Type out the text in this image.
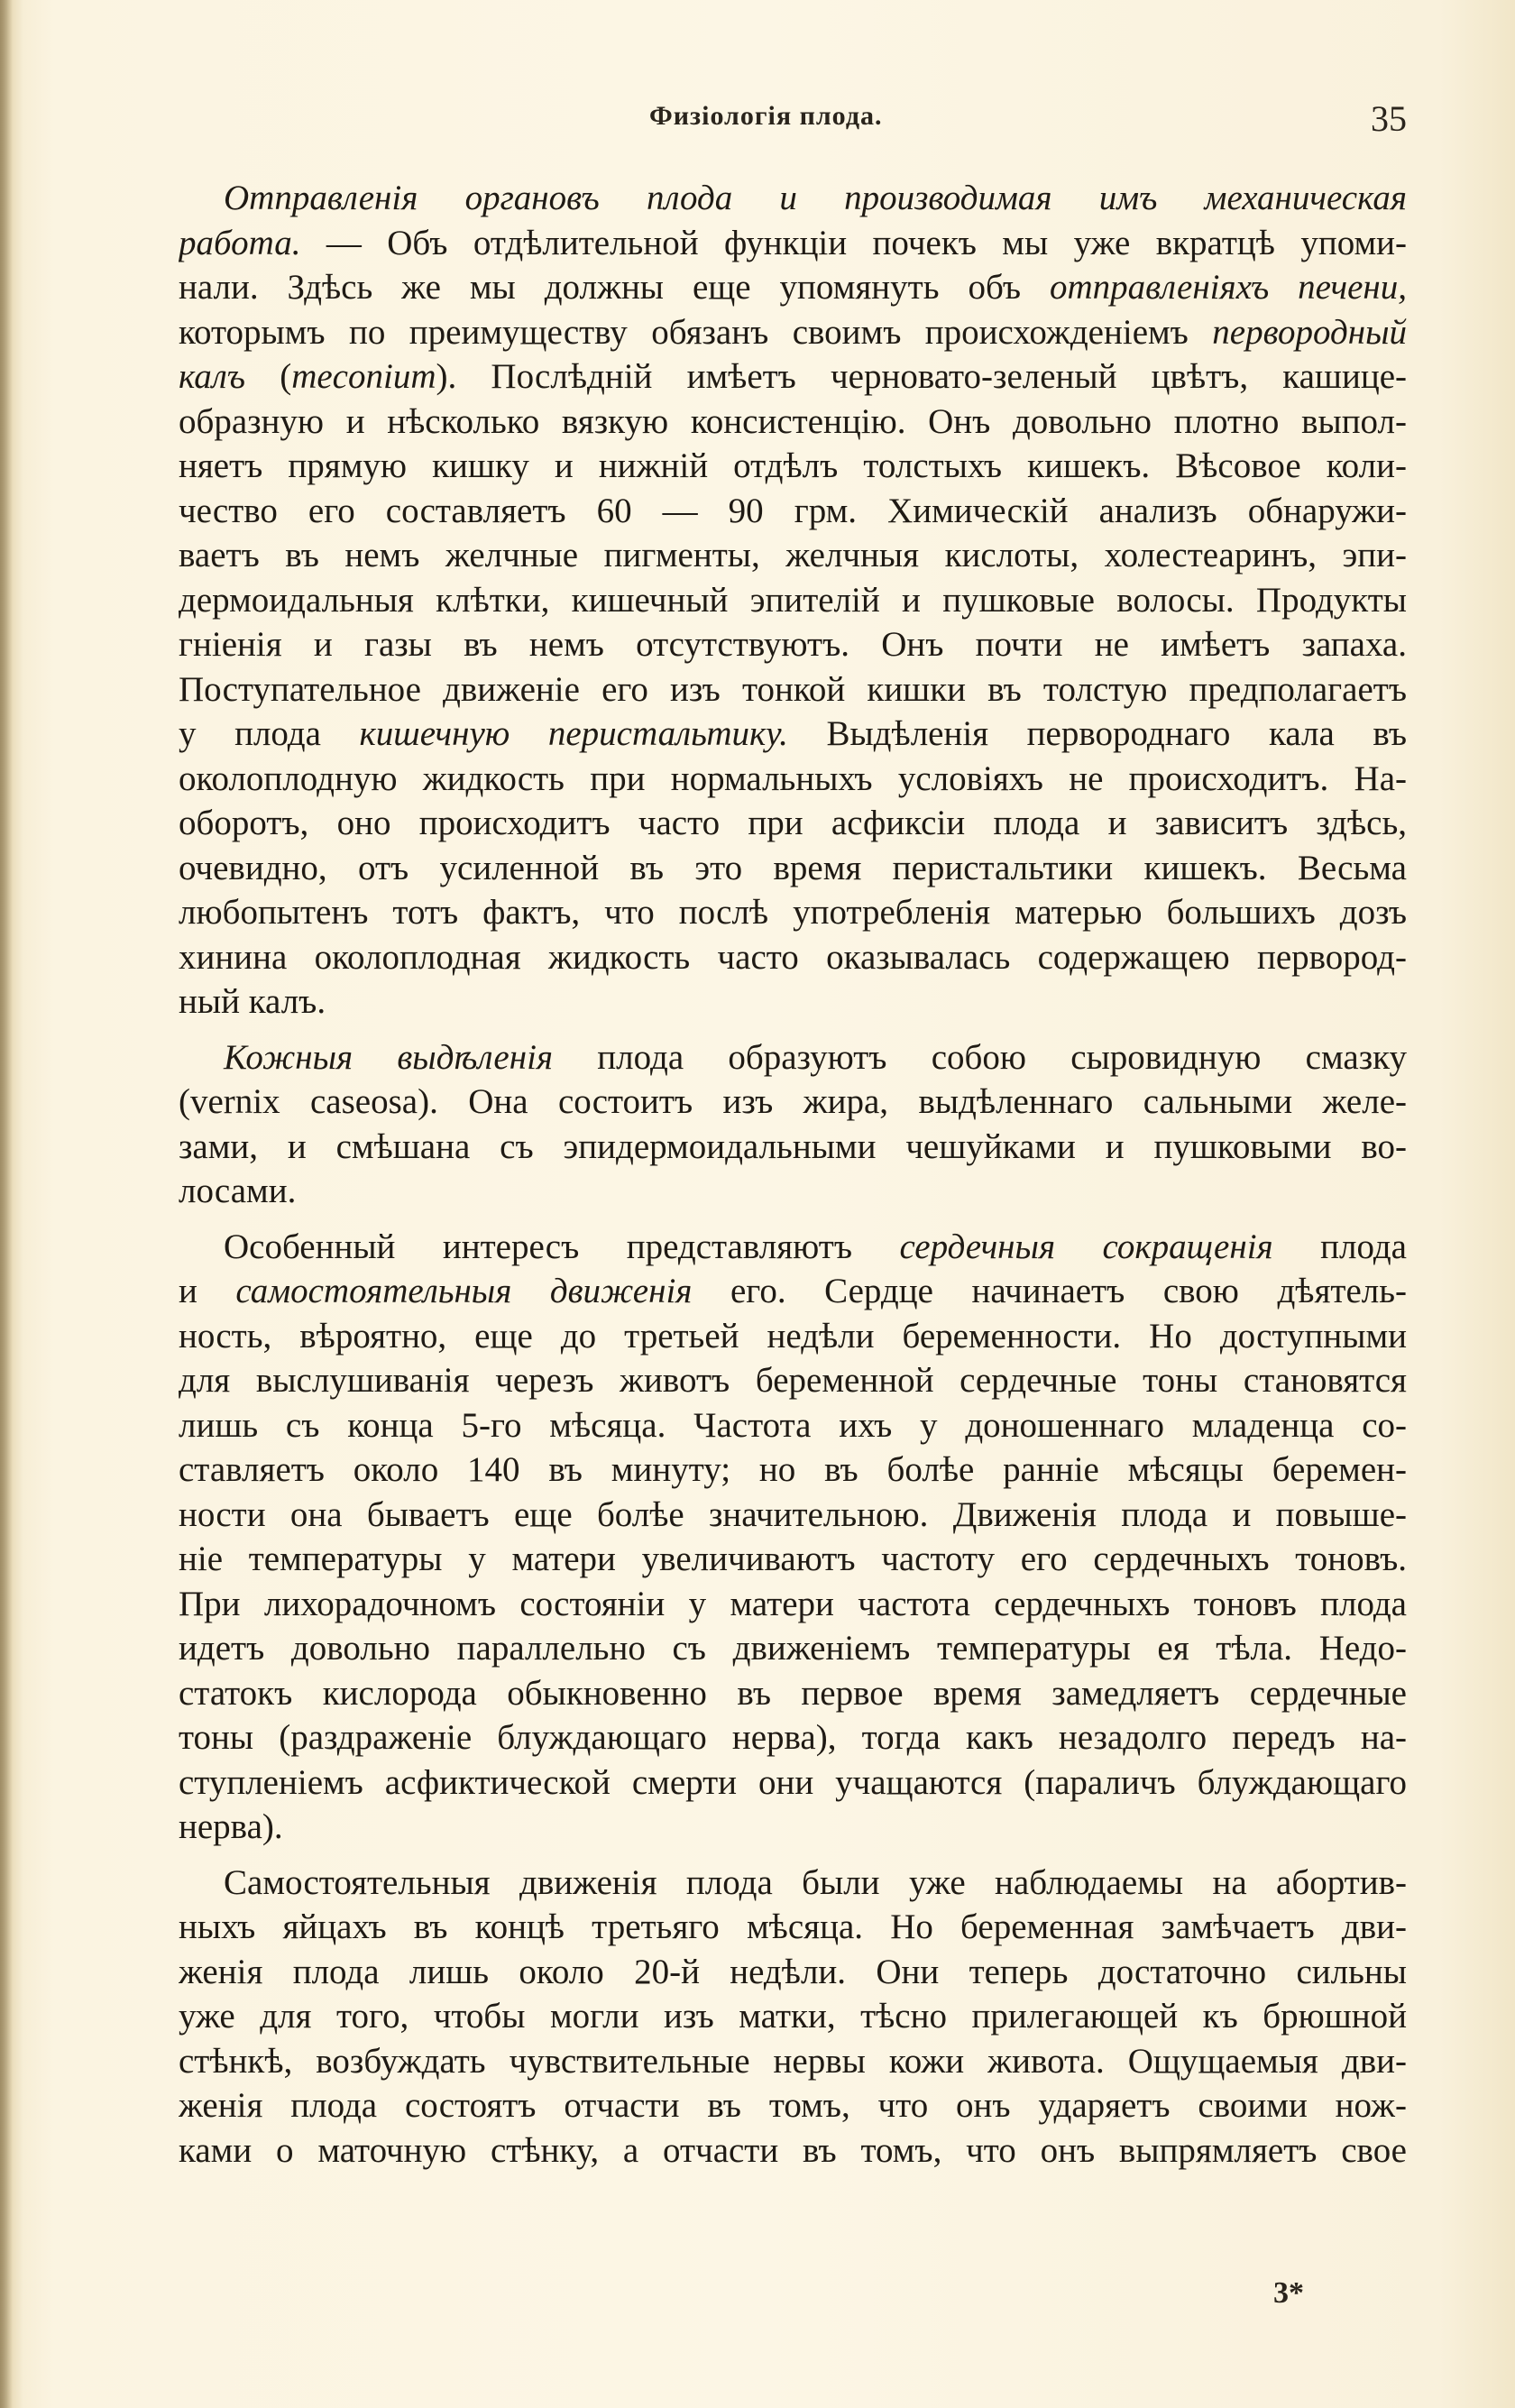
Физiологiя плода.	35
Отправленiя органовъ плода и производимая имъ механическая
работа. — Объ отдѣлительной функцiи почекъ мы уже вкратцѣ упоми-
нали. Здѣсь же мы должны еще упомянуть объ отправленiяхъ печени,
которымъ по преимуществу обязанъ своимъ происхожденiемъ первородный
калъ (meconium). Послѣднiй имѣетъ черновато-зеленый цвѣтъ, кашице-
образную и нѣсколько вязкую консистенцiю. Онъ довольно плотно выпол-
няетъ прямую кишку и нижнiй отдѣлъ толстыхъ кишекъ. Вѣсовое коли-
чество его составляетъ 60 — 90 грм. Химическiй анализъ обнаружи-
ваетъ въ немъ желчные пигменты, желчныя кислоты, холестеаринъ, эпи-
дермоидальныя клѣтки, кишечный эпителiй и пушковые волосы. Продукты
гнiенiя и газы въ немъ отсутствуютъ. Онъ почти не имѣетъ запаха.
Поступательное движенiе его изъ тонкой кишки въ толстую предполагаетъ
у плода кишечную перистальтику. Выдѣленiя первороднаго кала въ
околоплодную жидкость при нормальныхъ условiяхъ не происходитъ. На-
оборотъ, оно происходитъ часто при асфиксiи плода и зависитъ здѣсь,
очевидно, отъ усиленной въ это время перистальтики кишекъ. Весьма
любопытенъ тотъ фактъ, что послѣ употребленiя матерью большихъ дозъ
хинина околоплодная жидкость часто оказывалась содержащею первород-
ный калъ.
Кожныя выдѣленiя плода образуютъ собою сыровидную смазку
(vernix caseosa). Она состоитъ изъ жира, выдѣленнаго сальными желе-
зами, и смѣшана съ эпидермоидальными чешуйками и пушковыми во-
лосами.
Особенный интересъ представляютъ сердечныя сокращенiя плода
и самостоятельныя движенiя его. Сердце начинаетъ свою дѣятель-
ность, вѣроятно, еще до третьей недѣли беременности. Но доступными
для выслушиванiя черезъ животъ беременной сердечные тоны становятся
лишь съ конца 5-го мѣсяца. Частота ихъ у доношеннаго младенца со-
ставляетъ около 140 въ минуту; но въ болѣе раннiе мѣсяцы беремен-
ности она бываетъ еще болѣе значительною. Движенiя плода и повыше-
нiе температуры у матери увеличиваютъ частоту его сердечныхъ тоновъ.
При лихорадочномъ состоянiи у матери частота сердечныхъ тоновъ плода
идетъ довольно параллельно съ движенiемъ температуры ея тѣла. Недо-
статокъ кислорода обыкновенно въ первое время замедляетъ сердечные
тоны (раздраженiе блуждающаго нерва), тогда какъ незадолго передъ на-
ступленiемъ асфиктической смерти они учащаются (параличъ блуждающаго
нерва).
Самостоятельныя движенiя плода были уже наблюдаемы на абортив-
ныхъ яйцахъ въ концѣ третьяго мѣсяца. Но беременная замѣчаетъ дви-
женiя плода лишь около 20-й недѣли. Они теперь достаточно сильны
уже для того, чтобы могли изъ матки, тѣсно прилегающей къ брюшной
стѣнкѣ, возбуждать чувствительные нервы кожи живота. Ощущаемыя дви-
женiя плода состоятъ отчасти въ томъ, что онъ ударяетъ своими нож-
ками о маточную стѣнку, а отчасти въ томъ, что онъ выпрямляетъ свое
3*
